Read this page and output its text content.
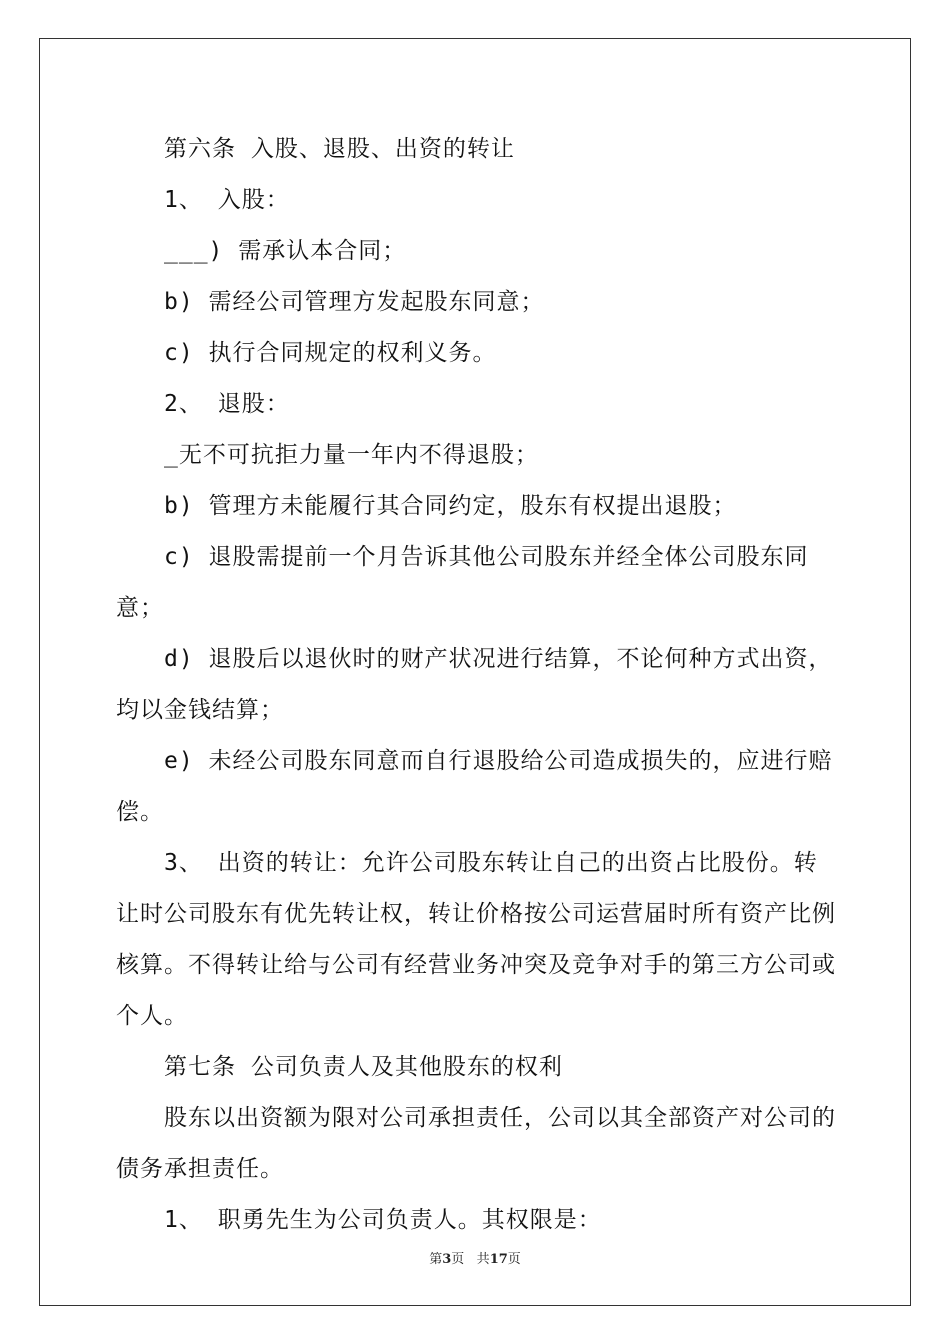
第六条 入股、退股、出资的转让

1、 入股：

___) 需承认本合同；

b) 需经公司管理方发起股东同意；

c) 执行合同规定的权利义务。

2、 退股：

_无不可抗拒力量一年内不得退股；

b) 管理方未能履行其合同约定，股东有权提出退股；

c) 退股需提前一个月告诉其他公司股东并经全体公司股东同意；

d) 退股后以退伙时的财产状况进行结算，不论何种方式出资，均以金钱结算；

e) 未经公司股东同意而自行退股给公司造成损失的，应进行赔偿。

3、 出资的转让：允许公司股东转让自己的出资占比股份。转让时公司股东有优先转让权，转让价格按公司运营届时所有资产比例核算。不得转让给与公司有经营业务冲突及竞争对手的第三方公司或个人。

第七条 公司负责人及其他股东的权利

股东以出资额为限对公司承担责任，公司以其全部资产对公司的债务承担责任。

1、 职勇先生为公司负责人。其权限是：

第3页 共17页
